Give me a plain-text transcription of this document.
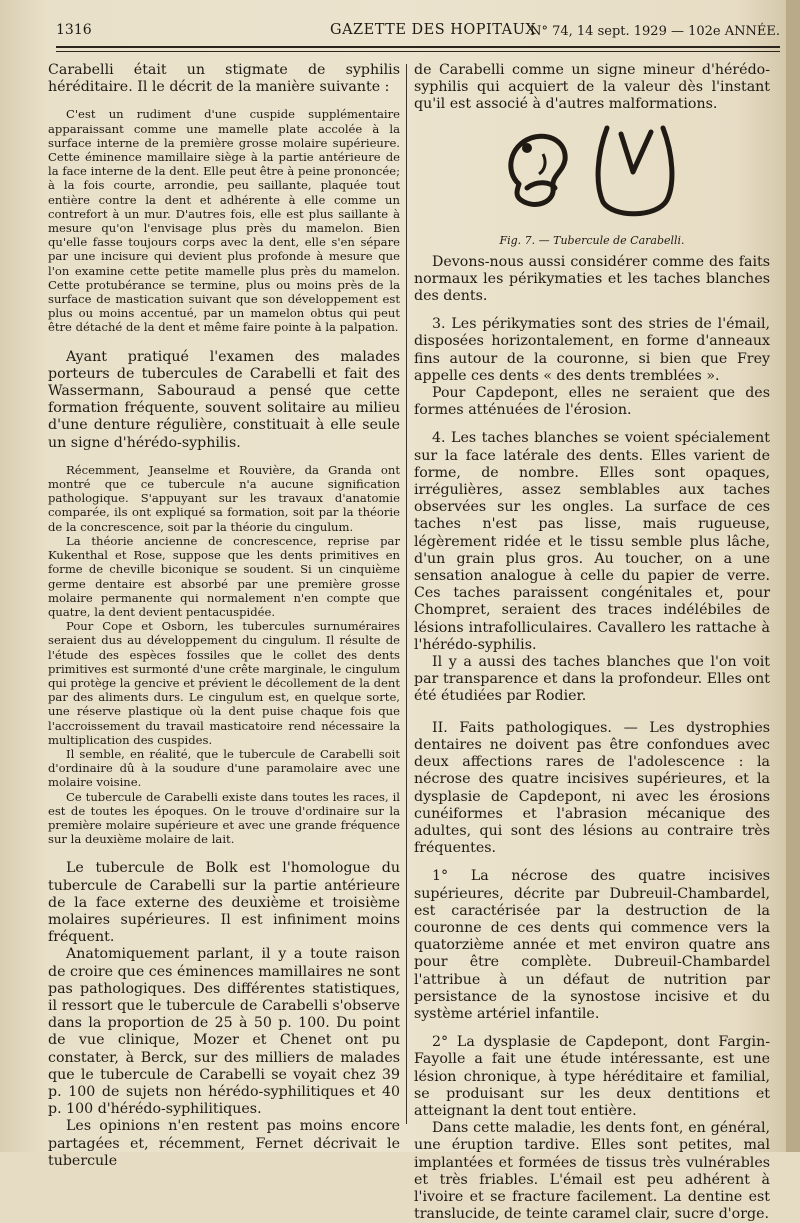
1316	GAZETTE DES HOPITAUX
N° 74, 14 sept. 1929 — 102e ANNÉE.

Carabelli était un stigmate de syphilis héréditaire. Il le décrit de la manière suivante :

C'est un rudiment d'une cuspide supplémentaire apparaissant comme une mamelle plate accolée à la surface interne de la première grosse molaire supérieure. Cette éminence mamillaire siège à la partie antérieure de la face interne de la dent. Elle peut être à peine prononcée; à la fois courte, arrondie, peu saillante, plaquée tout entière contre la dent et adhérente à elle comme un contrefort à un mur. D'autres fois, elle est plus saillante à mesure qu'on l'envisage plus près du mamelon. Bien qu'elle fasse toujours corps avec la dent, elle s'en sépare par une incisure qui devient plus profonde à mesure que l'on examine cette petite mamelle plus près du mamelon. Cette protubérance se termine, plus ou moins près de la surface de mastication suivant que son développement est plus ou moins accentué, par un mamelon obtus qui peut être détaché de la dent et même faire pointe à la palpation.

Ayant pratiqué l'examen des malades porteurs de tubercules de Carabelli et fait des Wassermann, Sabouraud a pensé que cette formation fréquente, souvent solitaire au milieu d'une denture régulière, constituait à elle seule un signe d'hérédo-syphilis.

Récemment, Jeanselme et Rouvière, da Granda ont montré que ce tubercule n'a aucune signification pathologique. S'appuyant sur les travaux d'anatomie comparée, ils ont expliqué sa formation, soit par la théorie de la concrescence, soit par la théorie du cingulum.

La théorie ancienne de concrescence, reprise par Kukenthal et Rose, suppose que les dents primitives en forme de cheville biconique se soudent. Si un cinquième germe dentaire est absorbé par une première grosse molaire permanente qui normalement n'en compte que quatre, la dent devient pentacuspidée.

Pour Cope et Osborn, les tubercules surnuméraires seraient dus au développement du cingulum. Il résulte de l'étude des espèces fossiles que le collet des dents primitives est surmonté d'une crête marginale, le cingulum qui protège la gencive et prévient le décollement de la dent par des aliments durs. Le cingulum est, en quelque sorte, une réserve plastique où la dent puise chaque fois que l'accroissement du travail masticatoire rend nécessaire la multiplication des cuspides.

Il semble, en réalité, que le tubercule de Carabelli soit d'ordinaire dû à la soudure d'une paramolaire avec une molaire voisine.

Ce tubercule de Carabelli existe dans toutes les races, il est de toutes les époques. On le trouve d'ordinaire sur la première molaire supérieure et avec une grande fréquence sur la deuxième molaire de lait.

Le tubercule de Bolk est l'homologue du tubercule de Carabelli sur la partie antérieure de la face externe des deuxième et troisième molaires supérieures. Il est infiniment moins fréquent.

Anatomiquement parlant, il y a toute raison de croire que ces éminences mamillaires ne sont pas pathologiques. Des différentes statistiques, il ressort que le tubercule de Carabelli s'observe dans la proportion de 25 à 50 p. 100. Du point de vue clinique, Mozer et Chenet ont pu constater, à Berck, sur des milliers de malades que le tubercule de Carabelli se voyait chez 39 p. 100 de sujets non hérédo-syphilitiques et 40 p. 100 d'hérédo-syphilitiques.

Les opinions n'en restent pas moins encore partagées et, récemment, Fernet décrivait le tubercule

de Carabelli comme un signe mineur d'hérédo-syphilis qui acquiert de la valeur dès l'instant qu'il est associé à d'autres malformations.

Fig. 7. — Tubercule de Carabelli.

Devons-nous aussi considérer comme des faits normaux les périkymaties et les taches blanches des dents.

3. Les périkymaties sont des stries de l'émail, disposées horizontalement, en forme d'anneaux fins autour de la couronne, si bien que Frey appelle ces dents « des dents tremblées ».

Pour Capdepont, elles ne seraient que des formes atténuées de l'érosion.

4. Les taches blanches se voient spécialement sur la face latérale des dents. Elles varient de forme, de nombre. Elles sont opaques, irrégulières, assez semblables aux taches observées sur les ongles. La surface de ces taches n'est pas lisse, mais rugueuse, légèrement ridée et le tissu semble plus lâche, d'un grain plus gros. Au toucher, on a une sensation analogue à celle du papier de verre. Ces taches paraissent congénitales et, pour Chompret, seraient des traces indélébiles de lésions intrafolliculaires. Cavallero les rattache à l'hérédo-syphilis.

Il y a aussi des taches blanches que l'on voit par transparence et dans la profondeur. Elles ont été étudiées par Rodier.

II. Faits pathologiques. — Les dystrophies dentaires ne doivent pas être confondues avec deux affections rares de l'adolescence : la nécrose des quatre incisives supérieures, et la dysplasie de Capdepont, ni avec les érosions cunéiformes et l'abrasion mécanique des adultes, qui sont des lésions au contraire très fréquentes.

1° La nécrose des quatre incisives supérieures, décrite par Dubreuil-Chambardel, est caractérisée par la destruction de la couronne de ces dents qui commence vers la quatorzième année et met environ quatre ans pour être complète. Dubreuil-Chambardel l'attribue à un défaut de nutrition par persistance de la synostose incisive et du système artériel infantile.

2° La dysplasie de Capdepont, dont Fargin-Fayolle a fait une étude intéressante, est une lésion chronique, à type héréditaire et familial, se produisant sur les deux dentitions et atteignant la dent tout entière.

Dans cette maladie, les dents font, en général, une éruption tardive. Elles sont petites, mal implantées et formées de tissus très vulnérables et très friables. L'émail est peu adhérent à l'ivoire et se fracture facilement. La dentine est translucide, de teinte caramel clair, sucre d'orge.
